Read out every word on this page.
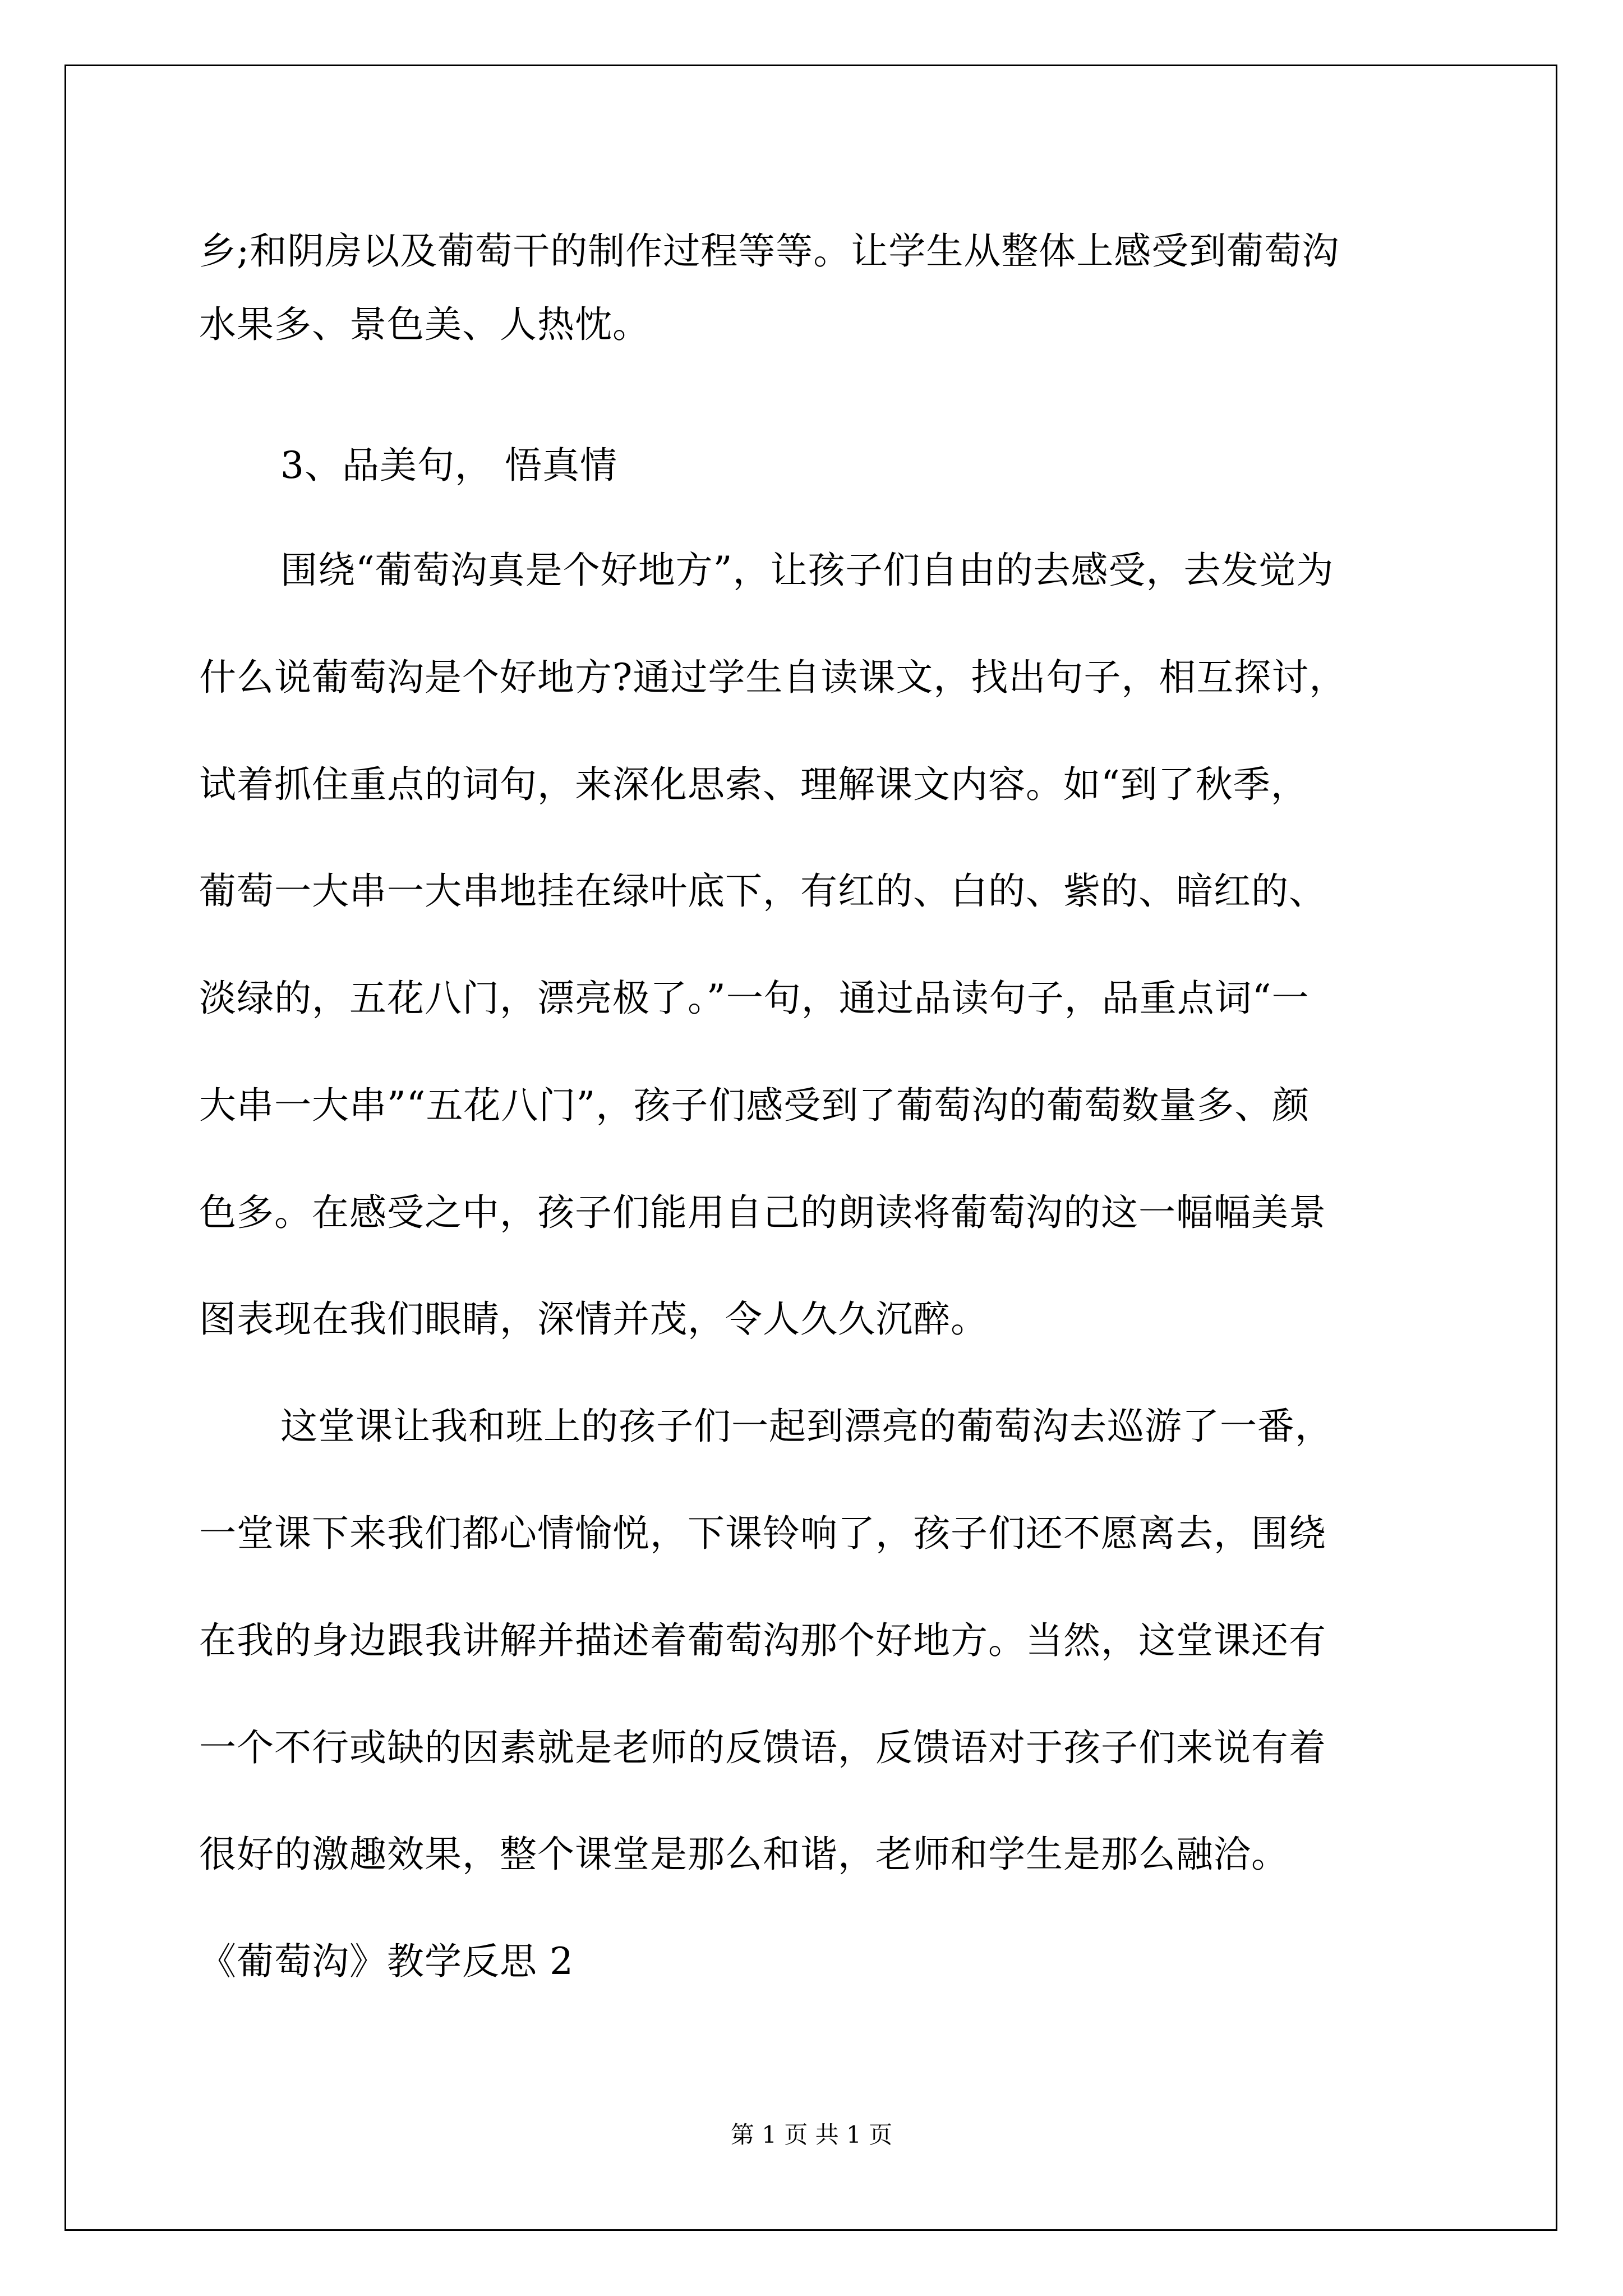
乡;和阴房以及葡萄干的制作过程等等。让学生从整体上感受到葡萄沟
水果多、景色美、人热忱。
3、品美句， 悟真情
围绕“葡萄沟真是个好地方”，让孩子们自由的去感受，去发觉为
什么说葡萄沟是个好地方?通过学生自读课文，找出句子，相互探讨，
试着抓住重点的词句，来深化思索、理解课文内容。如“到了秋季，
葡萄一大串一大串地挂在绿叶底下，有红的、白的、紫的、暗红的、
淡绿的，五花八门，漂亮极了。”一句，通过品读句子，品重点词“一
大串一大串”“五花八门”，孩子们感受到了葡萄沟的葡萄数量多、颜
色多。在感受之中，孩子们能用自己的朗读将葡萄沟的这一幅幅美景
图表现在我们眼睛，深情并茂，令人久久沉醉。
这堂课让我和班上的孩子们一起到漂亮的葡萄沟去巡游了一番，
一堂课下来我们都心情愉悦，下课铃响了，孩子们还不愿离去，围绕
在我的身边跟我讲解并描述着葡萄沟那个好地方。当然，这堂课还有
一个不行或缺的因素就是老师的反馈语，反馈语对于孩子们来说有着
很好的激趣效果，整个课堂是那么和谐，老师和学生是那么融洽。
《葡萄沟》教学反思 2
第 1 页 共 1 页
